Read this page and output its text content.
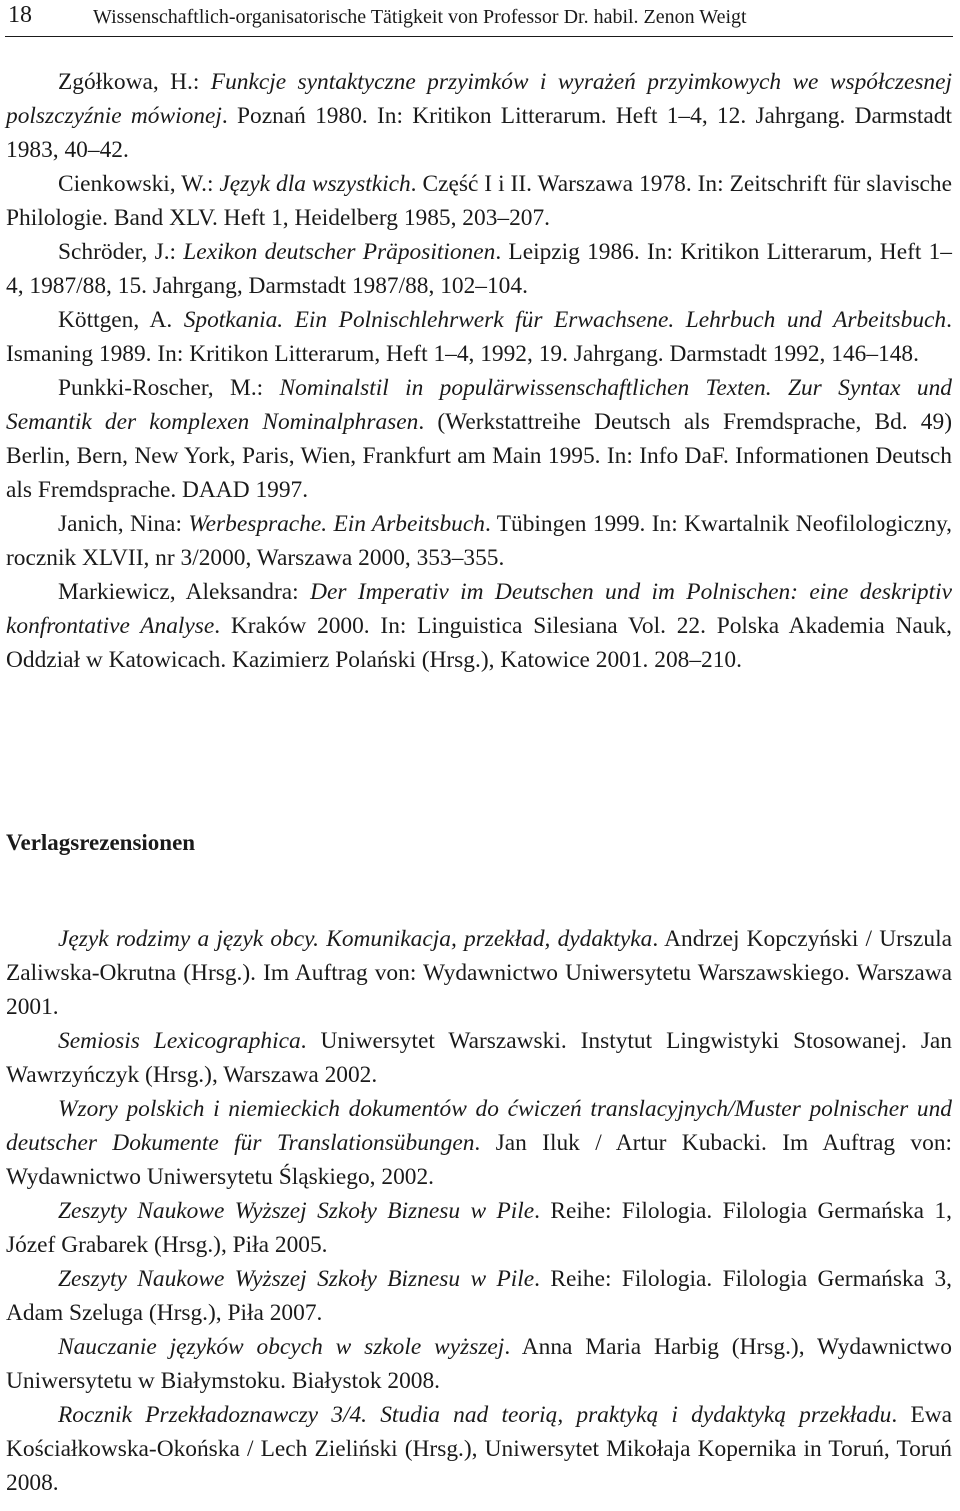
18	Wissenschaftlich-organisatorische Tätigkeit von Professor Dr. habil. Zenon Weigt

Zgółkowa, H.: Funkcje syntaktyczne przyimków i wyrażeń przyimkowych we współczesnej polszczyźnie mówionej. Poznań 1980. In: Kritikon Litterarum. Heft 1–4, 12. Jahrgang. Darmstadt 1983, 40–42.

Cienkowski, W.: Język dla wszystkich. Część I i II. Warszawa 1978. In: Zeitschrift für slavische Philologie. Band XLV. Heft 1, Heidelberg 1985, 203–207.

Schröder, J.: Lexikon deutscher Präpositionen. Leipzig 1986. In: Kritikon Litterarum, Heft 1–4, 1987/88, 15. Jahrgang, Darmstadt 1987/88, 102–104.

Köttgen, A. Spotkania. Ein Polnischlehrwerk für Erwachsene. Lehrbuch und Arbeitsbuch. Ismaning 1989. In: Kritikon Litterarum, Heft 1–4, 1992, 19. Jahrgang. Darmstadt 1992, 146–148.

Punkki-Roscher, M.: Nominalstil in populärwissenschaftlichen Texten. Zur Syntax und Semantik der komplexen Nominalphrasen. (Werkstattreihe Deutsch als Fremdsprache, Bd. 49) Berlin, Bern, New York, Paris, Wien, Frankfurt am Main 1995. In: Info DaF. Informationen Deutsch als Fremdsprache. DAAD 1997.

Janich, Nina: Werbesprache. Ein Arbeitsbuch. Tübingen 1999. In: Kwartalnik Neofilologiczny, rocznik XLVII, nr 3/2000, Warszawa 2000, 353–355.

Markiewicz, Aleksandra: Der Imperativ im Deutschen und im Polnischen: eine deskriptiv konfrontative Analyse. Kraków 2000. In: Linguistica Silesiana Vol. 22. Polska Akademia Nauk, Oddział w Katowicach. Kazimierz Polański (Hrsg.), Katowice 2001. 208–210.

Verlagsrezensionen

Język rodzimy a język obcy. Komunikacja, przekład, dydaktyka. Andrzej Kopczyński / Urszula Zaliwska-Okrutna (Hrsg.). Im Auftrag von: Wydawnictwo Uniwersytetu Warszawskiego. Warszawa 2001.

Semiosis Lexicographica. Uniwersytet Warszawski. Instytut Lingwistyki Stosowanej. Jan Wawrzyńczyk (Hrsg.), Warszawa 2002.

Wzory polskich i niemieckich dokumentów do ćwiczeń translacyjnych/Muster polnischer und deutscher Dokumente für Translationsübungen. Jan Iluk / Artur Kubacki. Im Auftrag von: Wydawnictwo Uniwersytetu Śląskiego, 2002.

Zeszyty Naukowe Wyższej Szkoły Biznesu w Pile. Reihe: Filologia. Filologia Germańska 1, Józef Grabarek (Hrsg.), Piła 2005.

Zeszyty Naukowe Wyższej Szkoły Biznesu w Pile. Reihe: Filologia. Filologia Germańska 3, Adam Szeluga (Hrsg.), Piła 2007.

Nauczanie języków obcych w szkole wyższej. Anna Maria Harbig (Hrsg.), Wydawnictwo Uniwersytetu w Białymstoku. Białystok 2008.

Rocznik Przekładoznawczy 3/4. Studia nad teorią, praktyką i dydaktyką przekładu. Ewa Kościałkowska-Okońska / Lech Zieliński (Hrsg.), Uniwersytet Mikołaja Kopernika in Toruń, Toruń 2008.
